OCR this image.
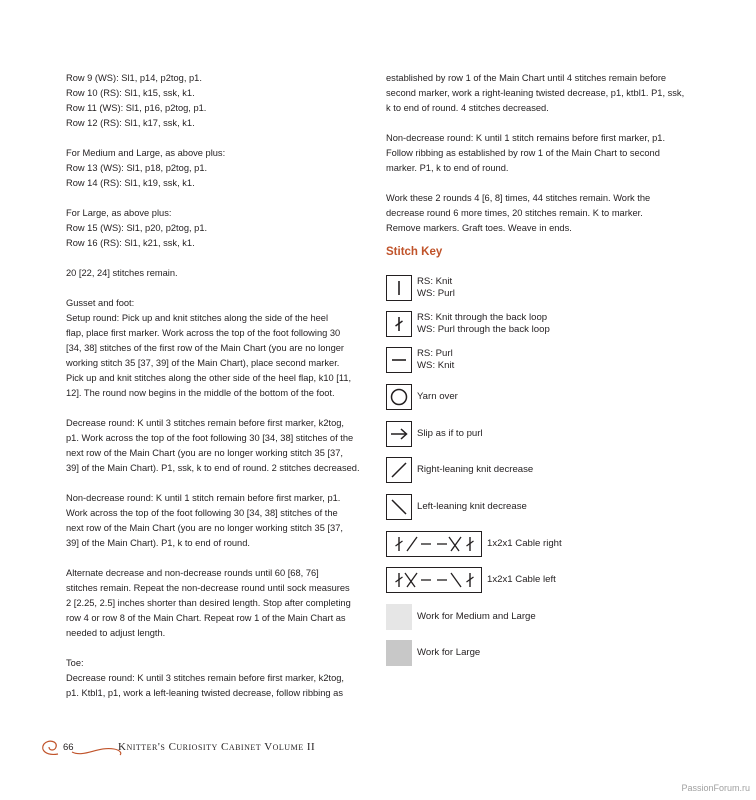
Row 9 (WS): Sl1, p14, p2tog, p1.

Row 10 (RS): Sl1, k15, ssk, k1.

Row 11 (WS): Sl1, p16, p2tog, p1.

Row 12 (RS): Sl1, k17, ssk, k1.

For Medium and Large, as above plus:

Row 13 (WS): Sl1, p18, p2tog, p1.

Row 14 (RS): Sl1, k19, ssk, k1.

For Large, as above plus:

Row 15 (WS): Sl1, p20, p2tog, p1.

Row 16 (RS): Sl1, k21, ssk, k1.

20 [22, 24] stitches remain.

Gusset and foot:

Setup round: Pick up and knit stitches along the side of the heel

flap, place first marker. Work across the top of the foot following 30

[34, 38] stitches of the first row of the Main Chart (you are no longer

working stitch 35 [37, 39] of the Main Chart), place second marker.

Pick up and knit stitches along the other side of the heel flap, k10 [11,

12]. The round now begins in the middle of the bottom of the foot.

Decrease round: K until 3 stitches remain before first marker, k2tog,

p1. Work across the top of the foot following 30 [34, 38] stitches of the

next row of the Main Chart (you are no longer working stitch 35 [37,

39] of the Main Chart). P1, ssk, k to end of round. 2 stitches decreased.

Non-decrease round: K until 1 stitch remain before first marker, p1.

Work across the top of the foot following 30 [34, 38] stitches of the

next row of the Main Chart (you are no longer working stitch 35 [37,

39] of the Main Chart). P1, k to end of round.

Alternate decrease and non-decrease rounds until 60 [68, 76]

stitches remain. Repeat the non-decrease round until sock measures

2 [2.25, 2.5] inches shorter than desired length. Stop after completing

row 4 or row 8 of the Main Chart. Repeat row 1 of the Main Chart as

needed to adjust length.

Toe:

Decrease round: K until 3 stitches remain before first marker, k2tog,

p1. Ktbl1, p1, work a left-leaning twisted decrease, follow ribbing as

established by row 1 of the Main Chart until 4 stitches remain before

second marker, work a right-leaning twisted decrease, p1, ktbl1. P1, ssk,

k to end of round. 4 stitches decreased.

Non-decrease round: K until 1 stitch remains before first marker, p1.

Follow ribbing as established by row 1 of the Main Chart to second

marker. P1, k to end of round.

Work these 2 rounds 4 [6, 8] times, 44 stitches remain. Work the

decrease round 6 more times, 20 stitches remain. K to marker.

Remove markers. Graft toes. Weave in ends.

Stitch Key
RS: Knit
WS: Purl
RS: Knit through the back loop
WS: Purl through the back loop
RS: Purl
WS: Knit
Yarn over
Slip as if to purl
Right-leaning knit decrease
Left-leaning knit decrease
1x2x1 Cable right
1x2x1 Cable left
Work for Medium and Large
Work for Large
66	Knitter's Curiosity Cabinet Volume II
PassionForum.ru
